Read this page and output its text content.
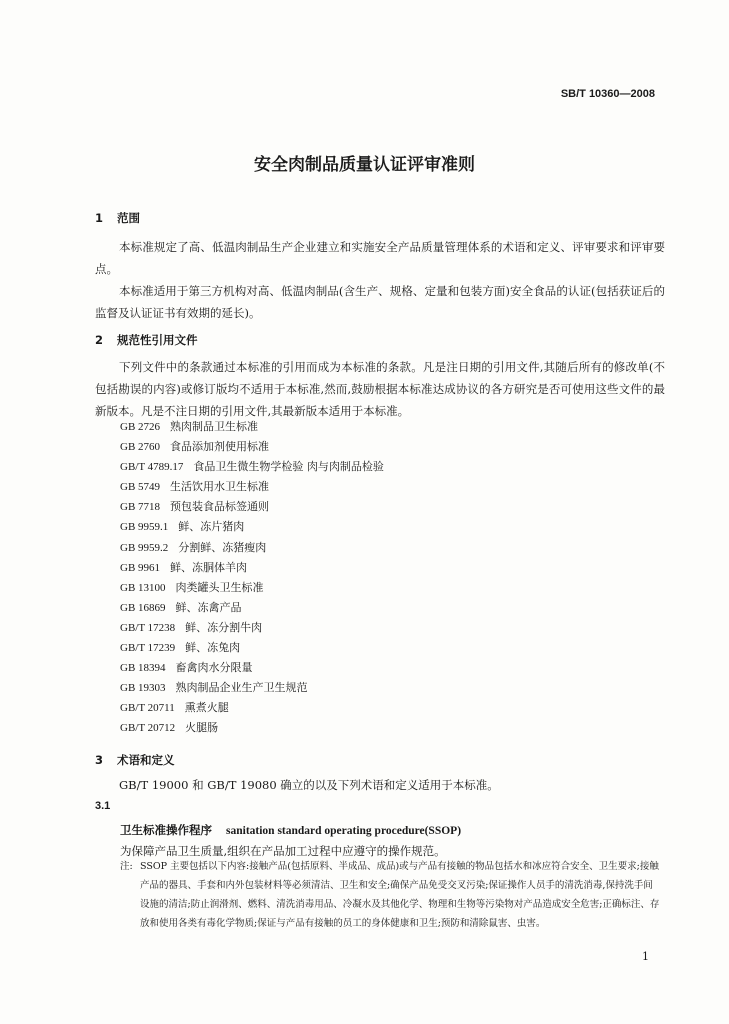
SB/T 10360—2008
安全肉制品质量认证评审准则
1 范围

本标准规定了高、低温肉制品生产企业建立和实施安全产品质量管理体系的术语和定义、评审要求和评审要点。

本标准适用于第三方机构对高、低温肉制品(含生产、规格、定量和包装方面)安全食品的认证(包括获证后的监督及认证证书有效期的延长)。

2 规范性引用文件

下列文件中的条款通过本标准的引用而成为本标准的条款。凡是注日期的引用文件,其随后所有的修改单(不包括勘误的内容)或修订版均不适用于本标准,然而,鼓励根据本标准达成协议的各方研究是否可使用这些文件的最新版本。凡是不注日期的引用文件,其最新版本适用于本标准。

GB 2726 熟肉制品卫生标准
GB 2760 食品添加剂使用标准
GB/T 4789.17 食品卫生微生物学检验 肉与肉制品检验
GB 5749 生活饮用水卫生标准
GB 7718 预包装食品标签通则
GB 9959.1 鲜、冻片猪肉
GB 9959.2 分割鲜、冻猪瘦肉
GB 9961 鲜、冻胴体羊肉
GB 13100 肉类罐头卫生标准
GB 16869 鲜、冻禽产品
GB/T 17238 鲜、冻分割牛肉
GB/T 17239 鲜、冻兔肉
GB 18394 畜禽肉水分限量
GB 19303 熟肉制品企业生产卫生规范
GB/T 20711 熏煮火腿
GB/T 20712 火腿肠
3 术语和定义

GB/T 19000 和 GB/T 19080 确立的以及下列术语和定义适用于本标准。

3.1
卫生标准操作程序 sanitation standard operating procedure(SSOP)
为保障产品卫生质量,组织在产品加工过程中应遵守的操作规范。

注: SSOP 主要包括以下内容:接触产品(包括原料、半成品、成品)或与产品有接触的物品包括水和冰应符合安全、卫生要求;接触产品的器具、手套和内外包装材料等必须清洁、卫生和安全;确保产品免受交叉污染;保证操作人员手的清洗消毒,保持洗手间设施的清洁;防止润滑剂、燃料、清洗消毒用品、冷凝水及其他化学、物理和生物等污染物对产品造成安全危害;正确标注、存放和使用各类有毒化学物质;保证与产品有接触的员工的身体健康和卫生;预防和清除鼠害、虫害。

1
